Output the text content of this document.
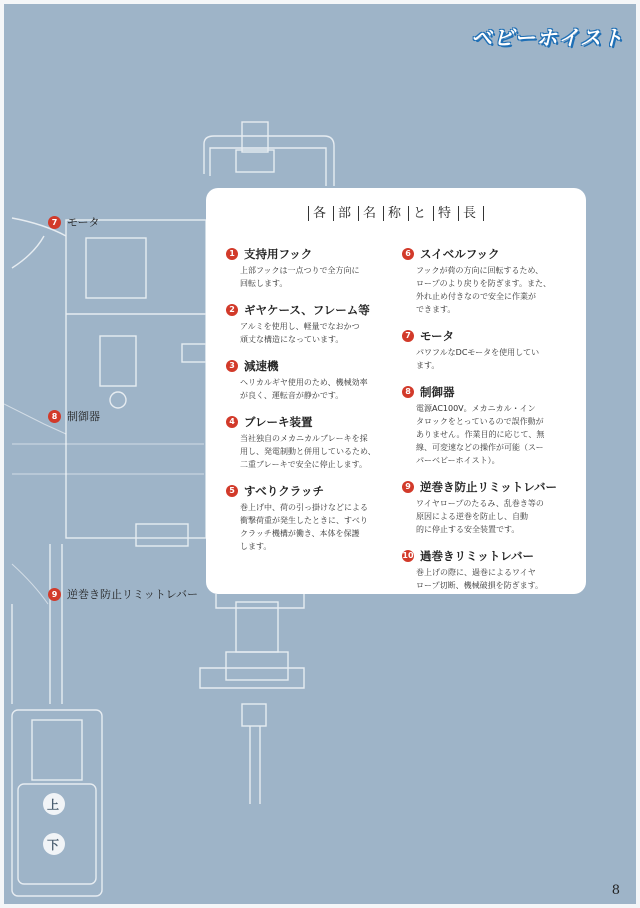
上
下
ベビーホイスト
7 モータ
8 制御器
9 逆巻き防止リミットレバー
各 部 名 称 と 特 長
1 支持用フック
上部フックは一点つりで全方向に
回転します。
2 ギヤケース、フレーム等
アルミを使用し、軽量でなおかつ
頑丈な構造になっています。
3 減速機
ヘリカルギヤ使用のため、機械効率
が良く、運転音が静かです。
4 ブレーキ装置
当社独自のメカニカルブレーキを採
用し、発電制動と併用しているため、
二重ブレーキで安全に停止します。
5 すべりクラッチ
巻上げ中、荷の引っ掛けなどによる
衝撃荷重が発生したときに、すべり
クラッチ機構が働き、本体を保護
します。
6 スイベルフック
フックが荷の方向に回転するため、
ロープのより戻りを防ぎます。また、
外れ止め付きなので安全に作業が
できます。
7 モータ
パワフルなDCモータを使用してい
ます。
8 制御器
電源AC100V。メカニカル・イン
タロックをとっているので誤作動が
ありません。作業目的に応じて、無
線、可変速などの操作が可能（スー
パーベビーホイスト）。
9 逆巻き防止リミットレバー
ワイヤロープのたるみ、乱巻き等の
原因による逆巻を防止し、自動
的に停止する安全装置です。
10 過巻きリミットレバー
巻上げの際に、過巻によるワイヤ
ロープ切断、機械破損を防ぎます。
8
